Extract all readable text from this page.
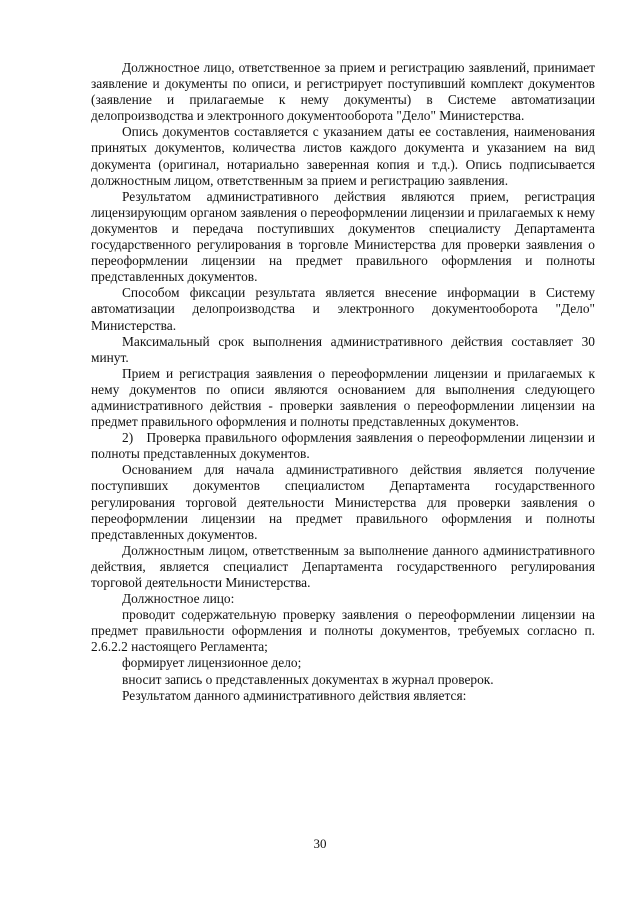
Должностное лицо, ответственное за прием и регистрацию заявлений, принимает заявление и документы по описи, и регистрирует поступивший комплект документов (заявление и прилагаемые к нему документы) в Системе автоматизации делопроизводства и электронного документооборота "Дело" Министерства.

Опись документов составляется с указанием даты ее составления, наименования принятых документов, количества листов каждого документа и указанием на вид документа (оригинал, нотариально заверенная копия и т.д.). Опись подписывается должностным лицом, ответственным за прием и регистрацию заявления.

Результатом административного действия являются прием, регистрация лицензирующим органом заявления о переоформлении лицензии и прилагаемых к нему документов и передача поступивших документов специалисту Департамента государственного регулирования в торговле Министерства для проверки заявления о переоформлении лицензии на предмет правильного оформления и полноты представленных документов.

Способом фиксации результата является внесение информации в Систему автоматизации делопроизводства и электронного документооборота "Дело" Министерства.

Максимальный срок выполнения административного действия составляет 30 минут.

Прием и регистрация заявления о переоформлении лицензии и прилагаемых к нему документов по описи являются основанием для выполнения следующего административного действия - проверки заявления о переоформлении лицензии на предмет правильного оформления и полноты представленных документов.

2)   Проверка правильного оформления заявления о переоформлении лицензии и полноты представленных документов.

Основанием для начала административного действия является получение поступивших документов специалистом Департамента государственного регулирования торговой деятельности Министерства для проверки заявления о переоформлении лицензии на предмет правильного оформления и полноты представленных документов.

Должностным лицом, ответственным за выполнение данного административного действия, является специалист Департамента государственного регулирования торговой деятельности Министерства.

Должностное лицо:

проводит содержательную проверку заявления о переоформлении лицензии на предмет правильности оформления и полноты документов, требуемых согласно п. 2.6.2.2 настоящего Регламента;

формирует лицензионное дело;

вносит запись о представленных документах в журнал проверок.

Результатом данного административного действия является:

30
